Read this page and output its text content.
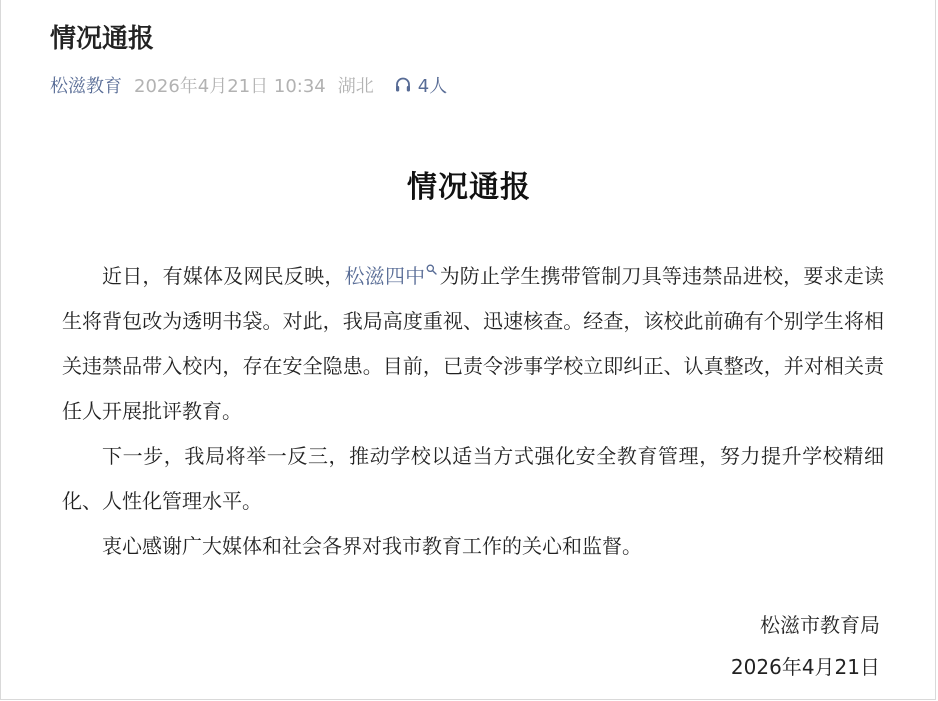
情况通报
松滋教育 2026年4月21日 10:34 湖北 4人
情况通报

近日，有媒体及网民反映，松滋四中 为防止学生携带管制刀具等违禁品进校，要求走读生将背包改为透明书袋。对此，我局高度重视、迅速核查。经查，该校此前确有个别学生将相关违禁品带入校内，存在安全隐患。目前，已责令涉事学校立即纠正、认真整改，并对相关责任人开展批评教育。

下一步，我局将举一反三，推动学校以适当方式强化安全教育管理，努力提升学校精细化、人性化管理水平。

衷心感谢广大媒体和社会各界对我市教育工作的关心和监督。

松滋市教育局
2026年4月21日
